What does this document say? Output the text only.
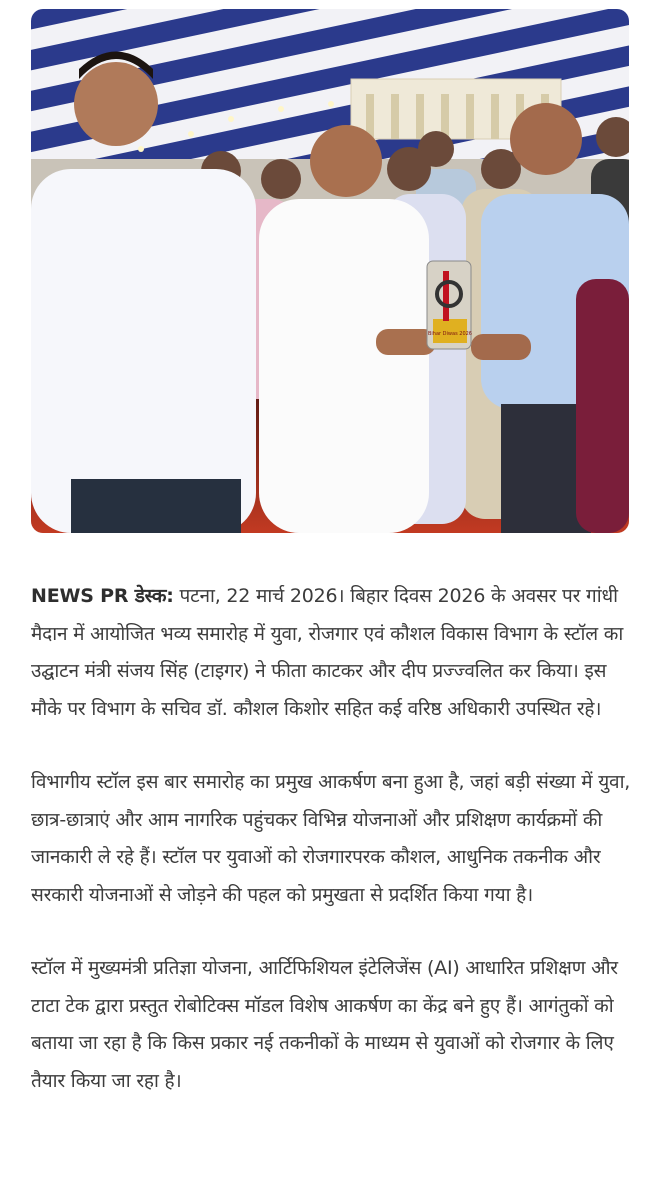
Bihar Diwas 2026

NEWS PR डेस्क: पटना, 22 मार्च 2026। बिहार दिवस 2026 के अवसर पर गांधी मैदान में आयोजित भव्य समारोह में युवा, रोजगार एवं कौशल विकास विभाग के स्टॉल का उद्घाटन मंत्री संजय सिंह (टाइगर) ने फीता काटकर और दीप प्रज्ज्वलित कर किया। इस मौके पर विभाग के सचिव डॉ. कौशल किशोर सहित कई वरिष्ठ अधिकारी उपस्थित रहे।

विभागीय स्टॉल इस बार समारोह का प्रमुख आकर्षण बना हुआ है, जहां बड़ी संख्या में युवा, छात्र-छात्राएं और आम नागरिक पहुंचकर विभिन्न योजनाओं और प्रशिक्षण कार्यक्रमों की जानकारी ले रहे हैं। स्टॉल पर युवाओं को रोजगारपरक कौशल, आधुनिक तकनीक और सरकारी योजनाओं से जोड़ने की पहल को प्रमुखता से प्रदर्शित किया गया है।

स्टॉल में मुख्यमंत्री प्रतिज्ञा योजना, आर्टिफिशियल इंटेलिजेंस (AI) आधारित प्रशिक्षण और टाटा टेक द्वारा प्रस्तुत रोबोटिक्स मॉडल विशेष आकर्षण का केंद्र बने हुए हैं। आगंतुकों को बताया जा रहा है कि किस प्रकार नई तकनीकों के माध्यम से युवाओं को रोजगार के लिए तैयार किया जा रहा है।
